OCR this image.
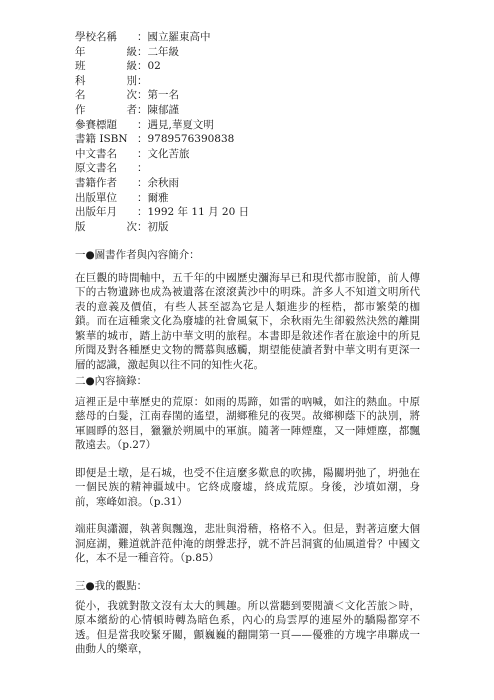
學校名稱 ： 國立羅東高中
年	級 ： 二年級
班	級 ： 02
科	別 ：
名	次 ： 第一名
作	者 ： 陳郁謹
參賽標題 ： 遇見,華夏文明
書籍 ISBN ： 9789576390838
中文書名 ： 文化苦旅
原文書名 ：
書籍作者 ： 余秋雨
出版單位 ： 爾雅
出版年月 ： 1992 年 11 月 20 日
版	次 ： 初版
一●圖書作者與內容簡介：

在巨觀的時間軸中，五千年的中國歷史瀰海早已和現代都市脫節，前人傳下的古物遺跡也成為被遺落在滾滾黃沙中的明珠。許多人不知道文明所代表的意義及價值，有些人甚至認為它是人類進步的桎梏，都市繁榮的枷鎖。而在這種衆文化為廢墟的社會風氣下，余秋雨先生卻毅然決然的離開繁華的城市，踏上訪中華文明的旅程。本書即是敘述作者在旅途中的所見所聞及對各種歷史文物的嚮慕與感觸，期望能使讀者對中華文明有更深一層的認識，激起與以往不同的知性火花。

二●內容摘錄：

這裡正是中華歷史的荒原：如雨的馬蹄，如雷的吶喊，如注的熱血。中原慈母的白髮，江南春閨的遙望，湖鄉稚兒的夜哭。故鄉柳蔭下的訣別，將軍圓睜的怒目，獵獵於朔風中的軍旗。隨著一陣煙塵，又一陣煙塵，都飄散遠去。（p.27）

即便是土墩，是石城，也受不住這麼多歎息的吹拂，陽關坍弛了，坍弛在一個民族的精神疆域中。它終成廢墟，終成荒原。身後，沙墳如潮，身前，寒峰如浪。（p.31）

端莊與瀟灑，執著與飄逸，悲壯與滑稽，格格不入。但是，對著這麼大個洞庭湖，難道就許范仲淹的朗聲悲抒，就不許呂洞賓的仙風道骨？中國文化，本不是一種音符。（p.85）

三●我的觀點：

從小，我就對散文沒有太大的興趣。所以當聽到要閱讀＜文化苦旅＞時，原本繽紛的心情頓時轉為暗色系，內心的烏雲厚的連屋外的驕陽都穿不透。但是當我咬緊牙關，顫巍巍的翻開第一頁——優雅的方塊字串聯成一曲動人的樂章，
